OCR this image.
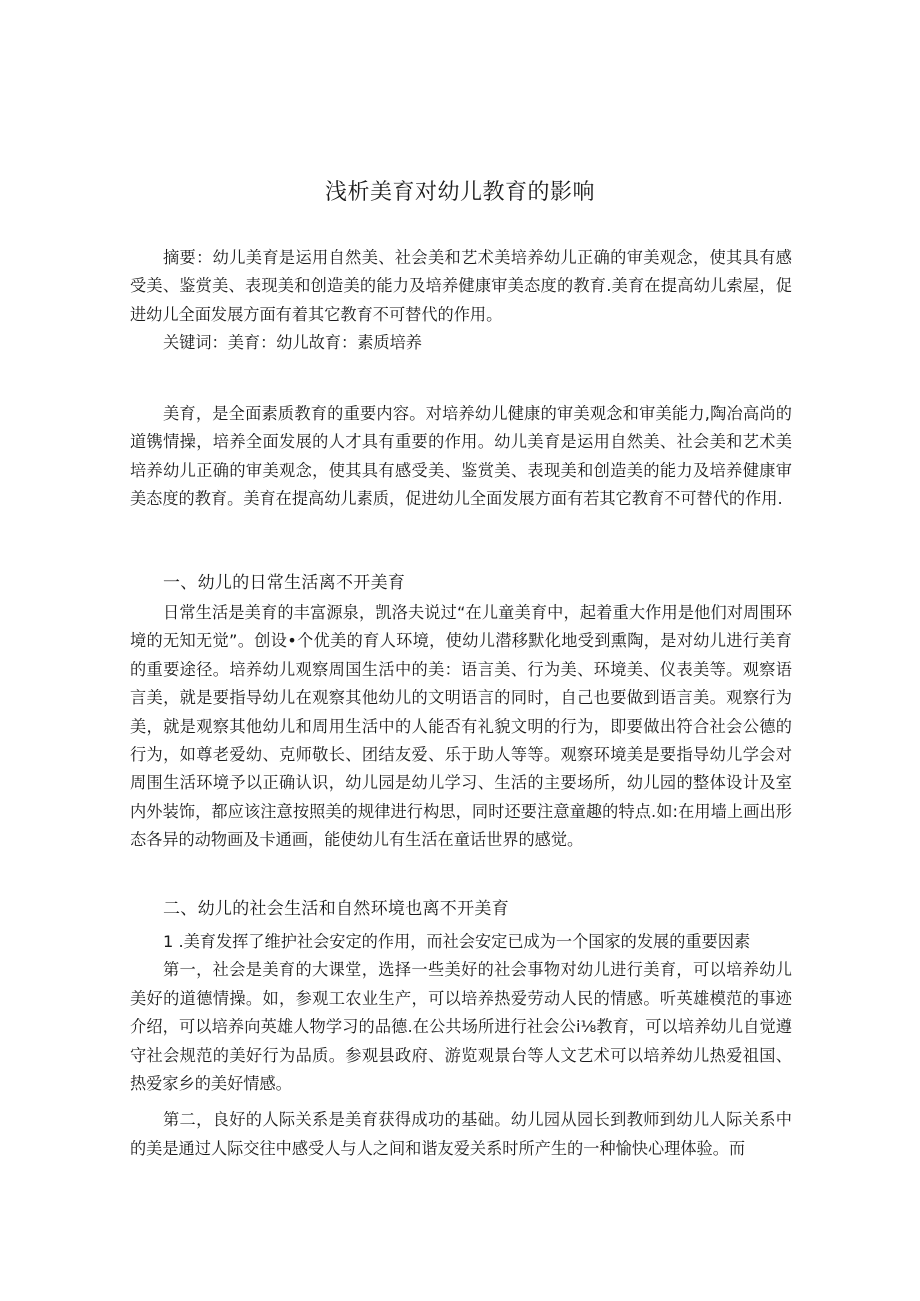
浅析美育对幼儿教育的影响

摘要：幼儿美育是运用自然美、社会美和艺术美培养幼儿正确的审美观念，使其具有感受美、鉴赏美、表现美和创造美的能力及培养健康审美态度的教育.美育在提高幼儿索屋，促进幼儿全面发展方面有着其它教育不可替代的作用。

关键词：美育：幼儿故育：素质培养

美育，是全面素质教育的重要内容。对培养幼儿健康的审美观念和审美能力,陶冶高尚的道镌情操，培养全面发展的人才具有重要的作用。幼儿美育是运用自然美、社会美和艺术美培养幼儿正确的审美观念，使其具有感受美、鉴赏美、表现美和创造美的能力及培养健康审美态度的教育。美育在提高幼儿素质，促进幼儿全面发展方面有若其它教育不可替代的作用.

一、幼儿的日常生活离不开美育

日常生活是美育的丰富源泉，凯洛夫说过“在儿童美育中，起着重大作用是他们对周围环境的无知无觉”。创设•个优美的育人环境，使幼儿潜移默化地受到熏陶，是对幼儿进行美育的重要途径。培养幼儿观察周国生活中的美：语言美、行为美、环境美、仪表美等。观察语言美，就是要指导幼儿在观察其他幼儿的文明语言的同时，自己也要做到语言美。观察行为美，就是观察其他幼儿和周用生活中的人能否有礼貌文明的行为，即要做出符合社会公德的行为，如尊老爱幼、克师敬长、团结友爱、乐于助人等等。观察环境美是要指导幼儿学会对周围生活环境予以正确认识，幼儿园是幼儿学习、生活的主要场所，幼儿园的整体设计及室内外装饰，都应该注意按照美的规律进行构思，同时还要注意童趣的特点.如:在用墙上画出形态各异的动物画及卡通画，能使幼儿有生活在童话世界的感觉。

二、幼儿的社会生活和自然环境也离不开美育

1 .美育发挥了维护社会安定的作用，而社会安定已成为一个国家的发展的重要因素

第一，社会是美育的大课堂，选择一些美好的社会事物对幼儿进行美育，可以培养幼儿美好的道德情操。如，参观工农业生产，可以培养热爱劳动人民的情感。听英雄模范的事迹介绍，可以培养向英雄人物学习的品德.在公共场所进行社会公i⅛教育，可以培养幼儿自觉遵守社会规范的美好行为品质。参观县政府、游览观景台等人文艺术可以培养幼儿热爱祖国、热爱家乡的美好情感。

第二，良好的人际关系是美育获得成功的基础。幼儿园从园长到教师到幼儿人际关系中的美是通过人际交往中感受人与人之间和谐友爱关系时所产生的一种愉快心理体验。而
